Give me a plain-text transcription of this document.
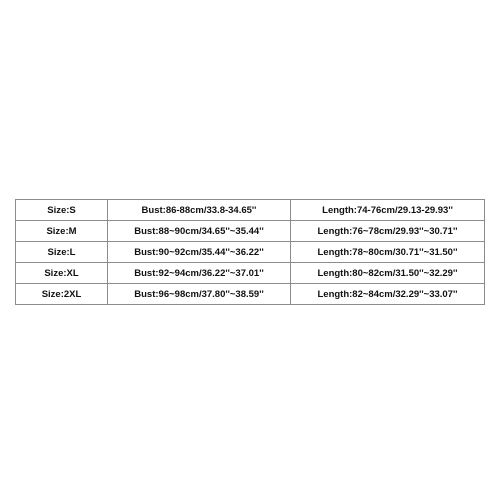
Size:S	Bust:86-88cm/33.8-34.65''	Length:74-76cm/29.13-29.93''
Size:M	Bust:88~90cm/34.65''~35.44''	Length:76~78cm/29.93''~30.71''
Size:L	Bust:90~92cm/35.44''~36.22''	Length:78~80cm/30.71''~31.50''
Size:XL	Bust:92~94cm/36.22''~37.01''	Length:80~82cm/31.50''~32.29''
Size:2XL	Bust:96~98cm/37.80''~38.59''	Length:82~84cm/32.29''~33.07''
